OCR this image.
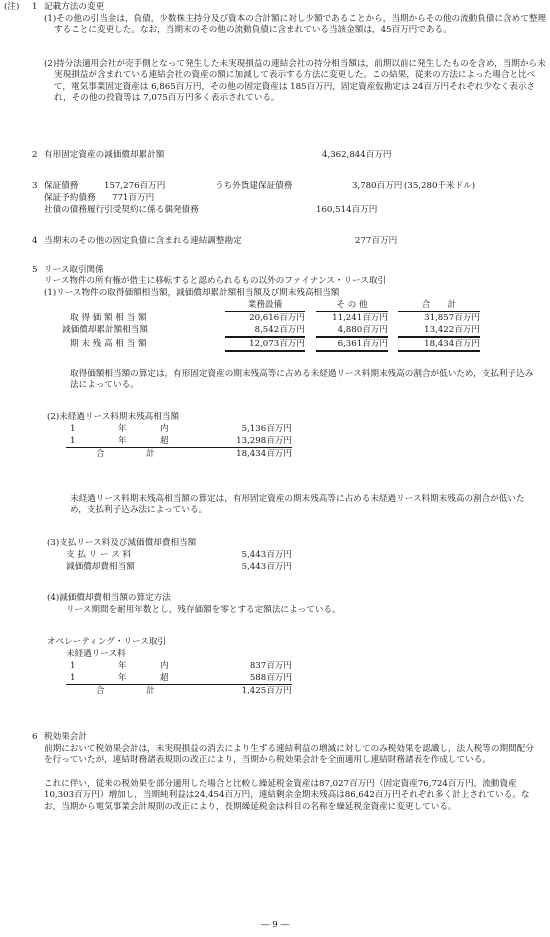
(注) 1 記載方法の変更
(1)その他の引当金は，負債，少数株主持分及び資本の合計額に対し少額であることから，当期からその他の流動負債に含めて整理することに変更した。なお，当期末のその他の流動負債に含まれている当該金額は，45百万円である。
(2)持分法適用会社が売手側となって発生した未実現損益の連結会社の持分相当額は，前期以前に発生したものを含め，当期から未実現損益が含まれている連結会社の資産の額に加減して表示する方法に変更した。この結果，従来の方法によった場合と比べて，電気事業固定資産は 6,865百万円，その他の固定資産は 185百万円，固定資産仮勘定は 24百万円それぞれ少なく表示され，その他の投資等は 7,075百万円多く表示されている。
2 有形固定資産の減価償却累計額	4,362,844百万円
3 保証債務	157,276百万円	うち外貨建保証債務	3,780百万円 (35,280千米ドル)
保証予約債務 771百万円
社債の債務履行引受契約に係る偶発債務	160,514百万円
4 当期末のその他の固定負債に含まれる連結調整勘定	277百万円
5 リース取引関係
リース物件の所有権が借主に移転すると認められるもの以外のファイナンス・リース取引
(1)リース物件の取得価額相当額，減価償却累計額相当額及び期末残高相当額
業務設備	そ の 他	合　　計
取 得 価 額 相 当 額	20,616百万円	11,241百万円	31,857百万円
減価償却累計額相当額	8,542百万円	4,880百万円	13,422百万円
期 末 残 高 相 当 額	12,073百万円	6,361百万円	18,434百万円
取得価額相当額の算定は，有形固定資産の期末残高等に占める未経過リース料期末残高の割合が低いため，支払利子込み法によっている。
(2)未経過リース料期末残高相当額
1	年	内	5,136百万円
1	年	超	13,298百万円
合	計	18,434百万円
未経過リース料期末残高相当額の算定は，有形固定資産の期末残高等に占める未経過リース料期末残高の割合が低いため，支払利子込み法によっている。
(3)支払リース料及び減価償却費相当額
支 払 リ ー ス 料	5,443百万円
減価償却費相当額	5,443百万円
(4)減価償却費相当額の算定方法
リース期間を耐用年数とし，残存価額を零とする定額法によっている。
オペレーティング・リース取引
未経過リース料
1	年	内	837百万円
1	年	超	588百万円
合	計	1,425百万円
6 税効果会計
前期において税効果会計は，未実現損益の消去により生ずる連結利益の増減に対してのみ税効果を認識し，法人税等の期間配分を行っていたが，連結財務諸表規則の改正により，当期から税効果会計を全面適用し連結財務諸表を作成している。
これに伴い，従来の税効果を部分適用した場合と比較し繰延税金資産は87,027百万円（固定資産76,724百万円，流動資産10,303百万円）増加し，当期純利益は24,454百万円，連結剰余金期末残高は86,642百万円それぞれ多く計上されている。なお，当期から電気事業会計規則の改正により，長期繰延税金は科目の名称を繰延税金資産に変更している。
― 9 ―
